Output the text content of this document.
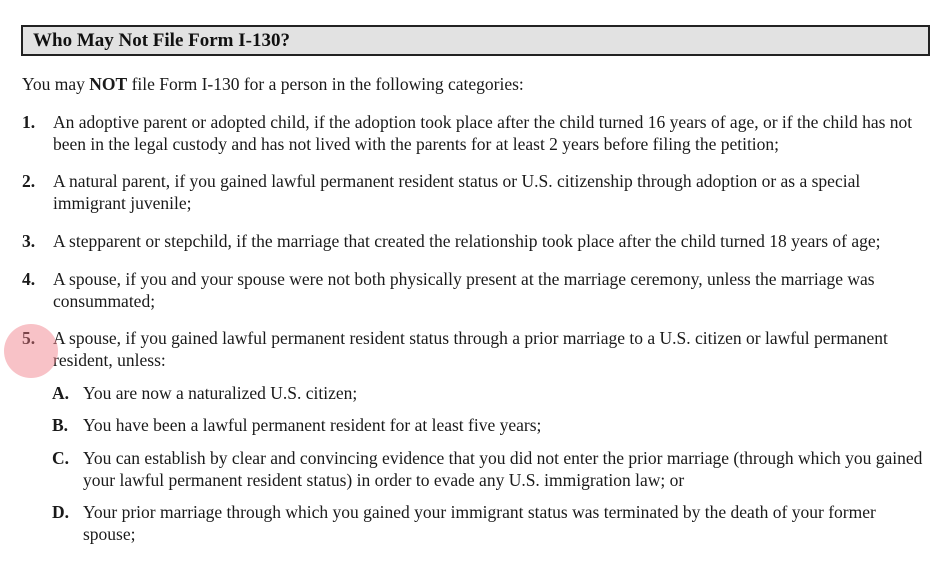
Who May Not File Form I-130?
You may NOT file Form I-130 for a person in the following categories:
1.	An adoptive parent or adopted child, if the adoption took place after the child turned 16 years of age, or if the child has not been in the legal custody and has not lived with the parents for at least 2 years before filing the petition;
2.	A natural parent, if you gained lawful permanent resident status or U.S. citizenship through adoption or as a special immigrant juvenile;
3.	A stepparent or stepchild, if the marriage that created the relationship took place after the child turned 18 years of age;
4.	A spouse, if you and your spouse were not both physically present at the marriage ceremony, unless the marriage was consummated;
5.	A spouse, if you gained lawful permanent resident status through a prior marriage to a U.S. citizen or lawful permanent resident, unless:
A. You are now a naturalized U.S. citizen;
B. You have been a lawful permanent resident for at least five years;
C. You can establish by clear and convincing evidence that you did not enter the prior marriage (through which you gained your lawful permanent resident status) in order to evade any U.S. immigration law; or
D. Your prior marriage through which you gained your immigrant status was terminated by the death of your former spouse;
